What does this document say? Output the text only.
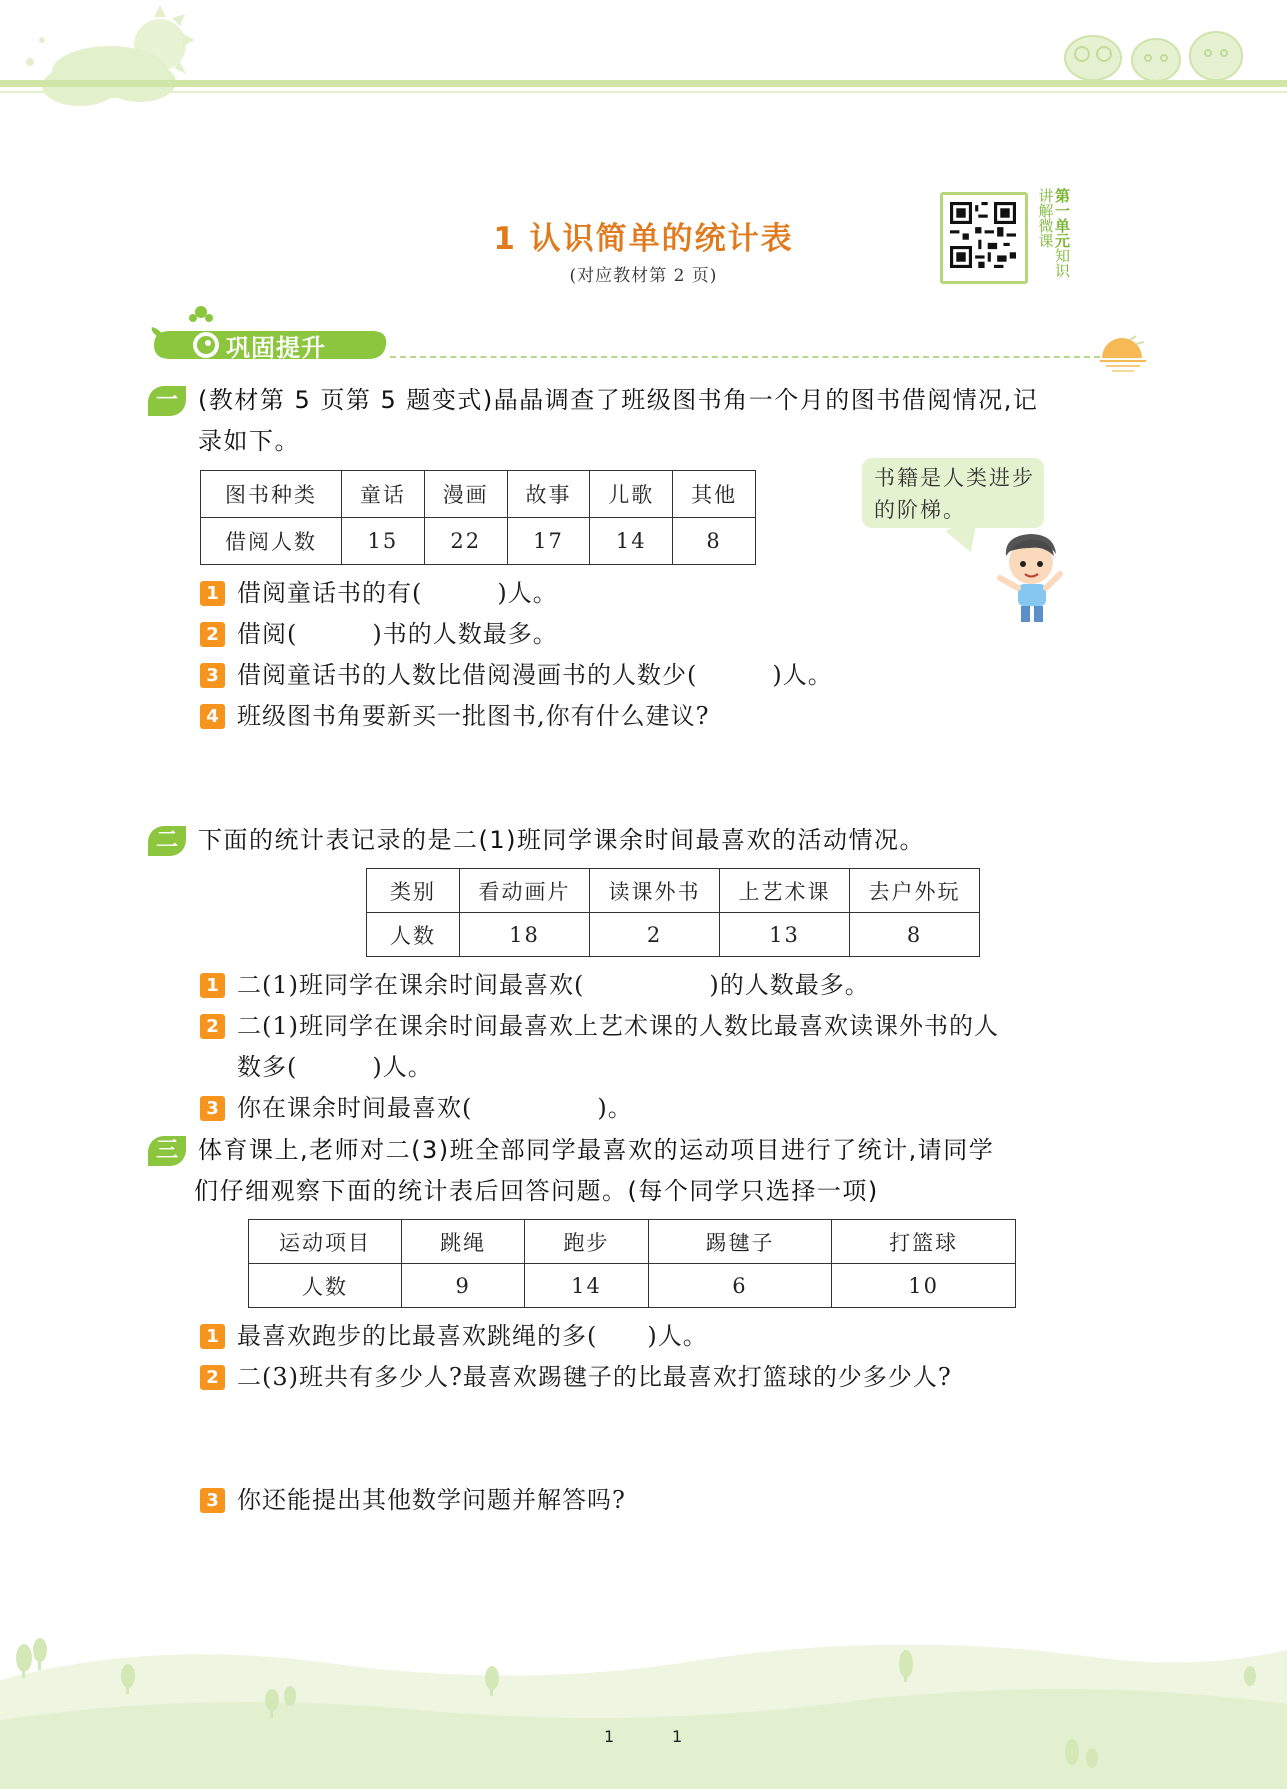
1 认识简单的统计表
(对应教材第 2 页)
第一单元知识讲解微课
巩固提升
一 (教材第 5 页第 5 题变式)晶晶调查了班级图书角一个月的图书借阅情况,记
录如下。
图书种类	童话	漫画	故事	儿歌	其他
借阅人数	15	22	17	14	8
书籍是人类进步的阶梯。
1 借阅童话书的有(　　　)人。
2 借阅(　　　)书的人数最多。
3 借阅童话书的人数比借阅漫画书的人数少(　　　)人。
4 班级图书角要新买一批图书,你有什么建议?
二 下面的统计表记录的是二(1)班同学课余时间最喜欢的活动情况。
类别	看动画片	读课外书	上艺术课	去户外玩
人数	18	2	13	8
1 二(1)班同学在课余时间最喜欢(　　　　　)的人数最多。
2 二(1)班同学在课余时间最喜欢上艺术课的人数比最喜欢读课外书的人
数多(　　　)人。
3 你在课余时间最喜欢(　　　　　)。
三 体育课上,老师对二(3)班全部同学最喜欢的运动项目进行了统计,请同学
们仔细观察下面的统计表后回答问题。(每个同学只选择一项)
运动项目	跳绳	跑步	踢毽子	打篮球
人数	9	14	6	10
1 最喜欢跑步的比最喜欢跳绳的多(　　)人。
2 二(3)班共有多少人?最喜欢踢毽子的比最喜欢打篮球的少多少人?
3 你还能提出其他数学问题并解答吗?
1	1
